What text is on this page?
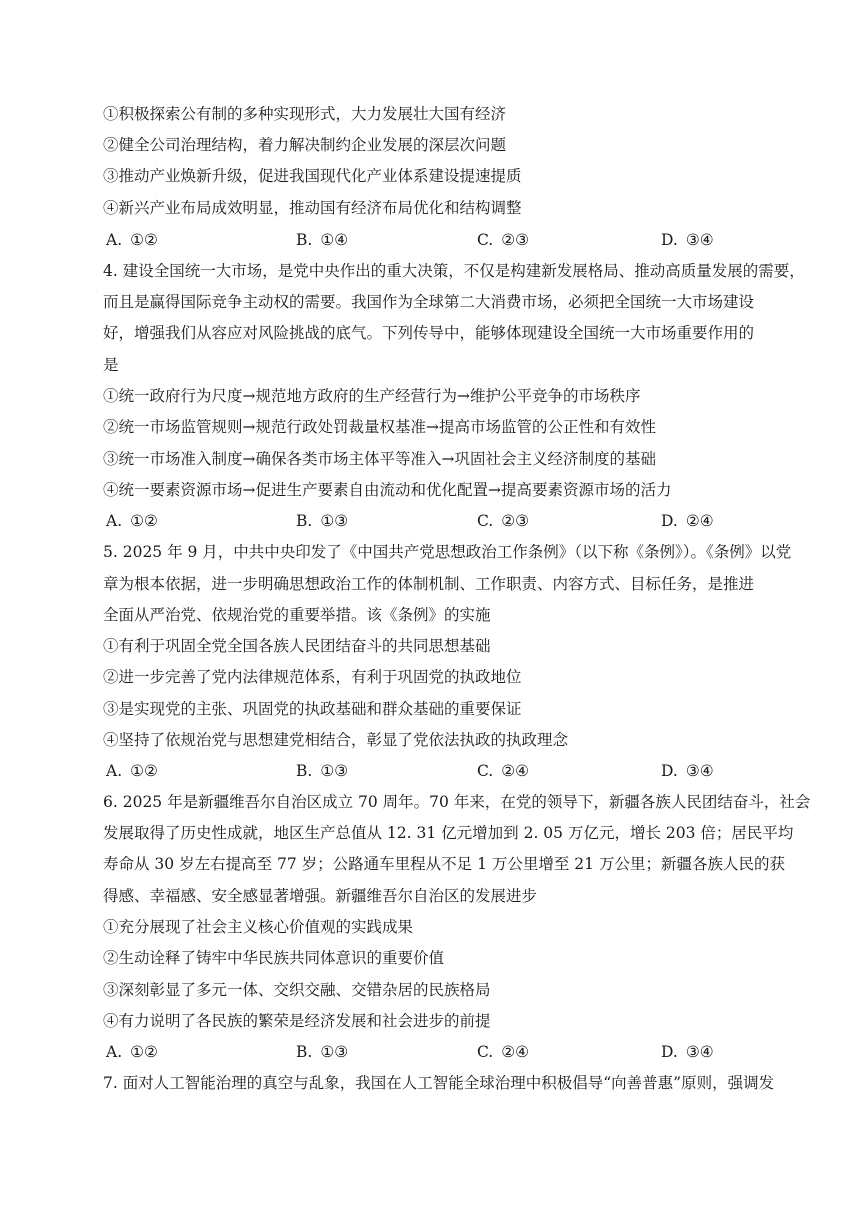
①积极探索公有制的多种实现形式，大力发展壮大国有经济
②健全公司治理结构，着力解决制约企业发展的深层次问题
③推动产业焕新升级，促进我国现代化产业体系建设提速提质
④新兴产业布局成效明显，推动国有经济布局优化和结构调整
A. ①②	B. ①④	C. ②③	D. ③④
4. 建设全国统一大市场，是党中央作出的重大决策，不仅是构建新发展格局、推动高质量发展的需要，
而且是赢得国际竞争主动权的需要。我国作为全球第二大消费市场，必须把全国统一大市场建设
好，增强我们从容应对风险挑战的底气。下列传导中，能够体现建设全国统一大市场重要作用的
是
①统一政府行为尺度→规范地方政府的生产经营行为→维护公平竞争的市场秩序
②统一市场监管规则→规范行政处罚裁量权基准→提高市场监管的公正性和有效性
③统一市场准入制度→确保各类市场主体平等准入→巩固社会主义经济制度的基础
④统一要素资源市场→促进生产要素自由流动和优化配置→提高要素资源市场的活力
A. ①②	B. ①③	C. ②③	D. ②④
5. 2025 年 9 月，中共中央印发了《中国共产党思想政治工作条例》（以下称《条例》）。《条例》以党
章为根本依据，进一步明确思想政治工作的体制机制、工作职责、内容方式、目标任务，是推进
全面从严治党、依规治党的重要举措。该《条例》的实施
①有利于巩固全党全国各族人民团结奋斗的共同思想基础
②进一步完善了党内法律规范体系，有利于巩固党的执政地位
③是实现党的主张、巩固党的执政基础和群众基础的重要保证
④坚持了依规治党与思想建党相结合，彰显了党依法执政的执政理念
A. ①②	B. ①③	C. ②④	D. ③④
6. 2025 年是新疆维吾尔自治区成立 70 周年。70 年来，在党的领导下，新疆各族人民团结奋斗，社会
发展取得了历史性成就，地区生产总值从 12. 31 亿元增加到 2. 05 万亿元，增长 203 倍；居民平均
寿命从 30 岁左右提高至 77 岁；公路通车里程从不足 1 万公里增至 21 万公里；新疆各族人民的获
得感、幸福感、安全感显著增强。新疆维吾尔自治区的发展进步
①充分展现了社会主义核心价值观的实践成果
②生动诠释了铸牢中华民族共同体意识的重要价值
③深刻彰显了多元一体、交织交融、交错杂居的民族格局
④有力说明了各民族的繁荣是经济发展和社会进步的前提
A. ①②	B. ①③	C. ②④	D. ③④
7. 面对人工智能治理的真空与乱象，我国在人工智能全球治理中积极倡导“向善普惠”原则，强调发
